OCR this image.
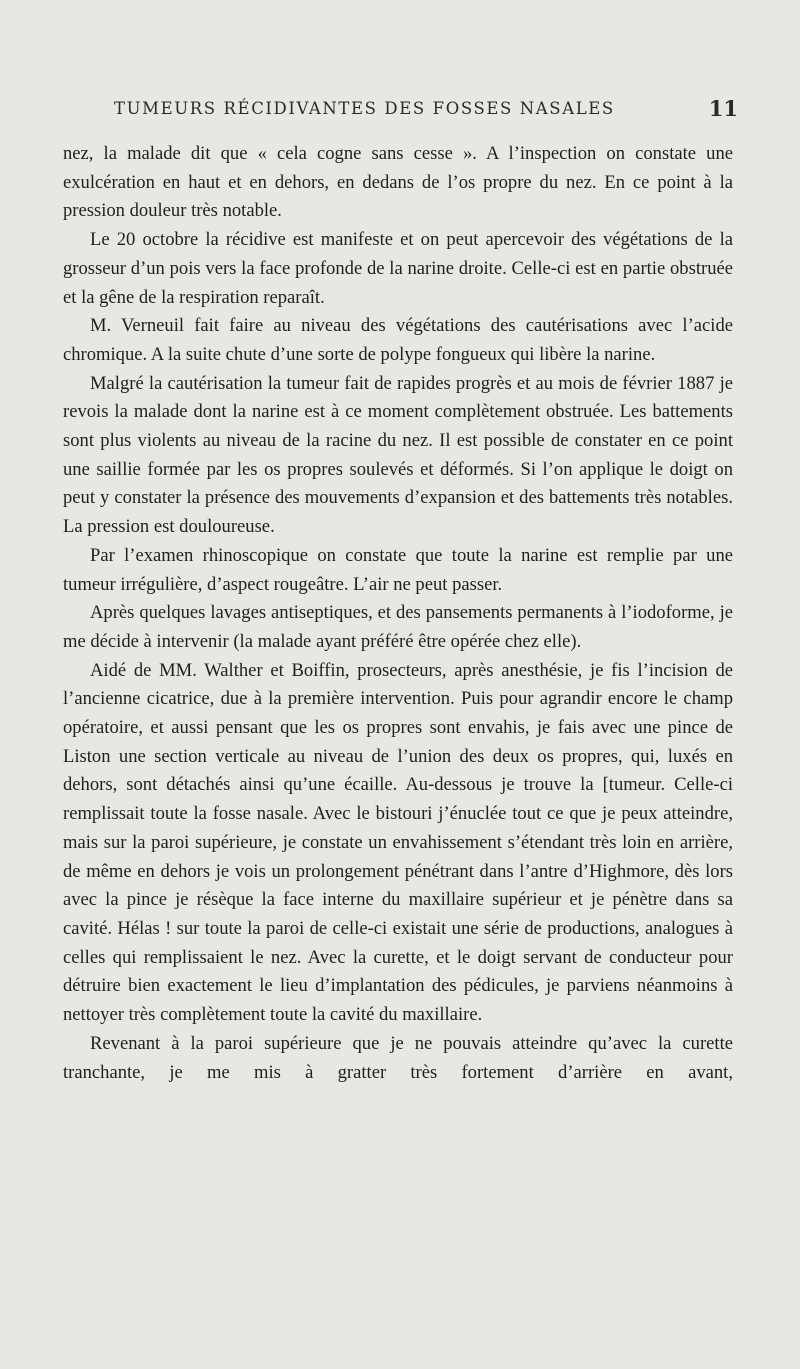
TUMEURS RÉCIDIVANTES DES FOSSES NASALES	11

nez, la malade dit que « cela cogne sans cesse ». A l’inspection on constate une exulcération en haut et en dehors, en dedans de l’os propre du nez. En ce point à la pression douleur très notable.

Le 20 octobre la récidive est manifeste et on peut apercevoir des végétations de la grosseur d’un pois vers la face profonde de la narine droite. Celle-ci est en partie obstruée et la gêne de la respiration reparaît.

M. Verneuil fait faire au niveau des végétations des cautérisations avec l’acide chromique. A la suite chute d’une sorte de polype fongueux qui libère la narine.

Malgré la cautérisation la tumeur fait de rapides progrès et au mois de février 1887 je revois la malade dont la narine est à ce moment complètement obstruée. Les battements sont plus violents au niveau de la racine du nez. Il est possible de constater en ce point une saillie formée par les os propres soulevés et déformés. Si l’on applique le doigt on peut y constater la présence des mouvements d’expansion et des battements très notables. La pression est douloureuse.

Par l’examen rhinoscopique on constate que toute la narine est remplie par une tumeur irrégulière, d’aspect rougeâtre. L’air ne peut passer.

Après quelques lavages antiseptiques, et des pansements permanents à l’iodoforme, je me décide à intervenir (la malade ayant préféré être opérée chez elle).

Aidé de MM. Walther et Boiffin, prosecteurs, après anesthésie, je fis l’incision de l’ancienne cicatrice, due à la première intervention. Puis pour agrandir encore le champ opératoire, et aussi pensant que les os propres sont envahis, je fais avec une pince de Liston une section verticale au niveau de l’union des deux os propres, qui, luxés en dehors, sont détachés ainsi qu’une écaille. Au-dessous je trouve la [tumeur. Celle-ci remplissait toute la fosse nasale. Avec le bistouri j’énuclée tout ce que je peux atteindre, mais sur la paroi supérieure, je constate un envahissement s’étendant très loin en arrière, de même en dehors je vois un prolongement pénétrant dans l’antre d’Highmore, dès lors avec la pince je résèque la face interne du maxillaire supérieur et je pénètre dans sa cavité. Hélas ! sur toute la paroi de celle-ci existait une série de productions, analogues à celles qui remplissaient le nez. Avec la curette, et le doigt servant de conducteur pour détruire bien exactement le lieu d’implantation des pédicules, je parviens néanmoins à nettoyer très complètement toute la cavité du maxillaire.

Revenant à la paroi supérieure que je ne pouvais atteindre qu’avec la curette tranchante, je me mis à gratter très fortement d’arrière en avant,
